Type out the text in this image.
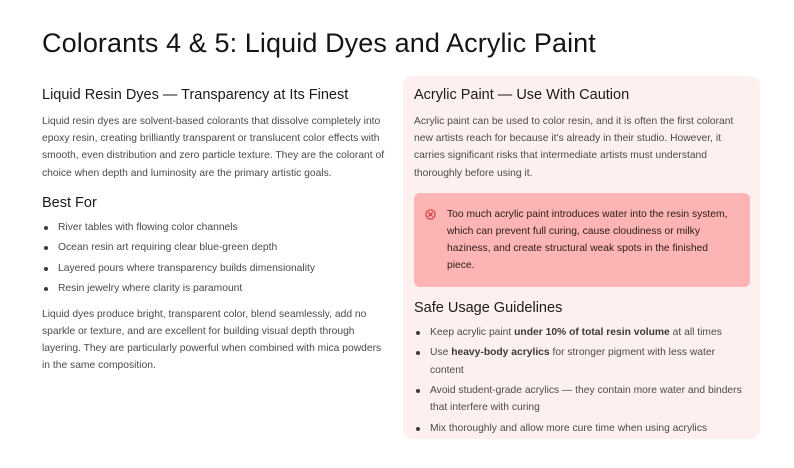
Colorants 4 & 5: Liquid Dyes and Acrylic Paint
Liquid Resin Dyes — Transparency at Its Finest

Liquid resin dyes are solvent-based colorants that dissolve completely into epoxy resin, creating brilliantly transparent or translucent color effects with smooth, even distribution and zero particle texture. They are the colorant of choice when depth and luminosity are the primary artistic goals.

Best For
River tables with flowing color channels
Ocean resin art requiring clear blue-green depth
Layered pours where transparency builds dimensionality
Resin jewelry where clarity is paramount

Liquid dyes produce bright, transparent color, blend seamlessly, add no sparkle or texture, and are excellent for building visual depth through layering. They are particularly powerful when combined with mica powders in the same composition.

Acrylic Paint — Use With Caution

Acrylic paint can be used to color resin, and it is often the first colorant new artists reach for because it's already in their studio. However, it carries significant risks that intermediate artists must understand thoroughly before using it.

Too much acrylic paint introduces water into the resin system, which can prevent full curing, cause cloudiness or milky haziness, and create structural weak spots in the finished piece.
Safe Usage Guidelines
Keep acrylic paint under 10% of total resin volume at all times
Use heavy-body acrylics for stronger pigment with less water content
Avoid student-grade acrylics — they contain more water and binders that interfere with curing
Mix thoroughly and allow more cure time when using acrylics
